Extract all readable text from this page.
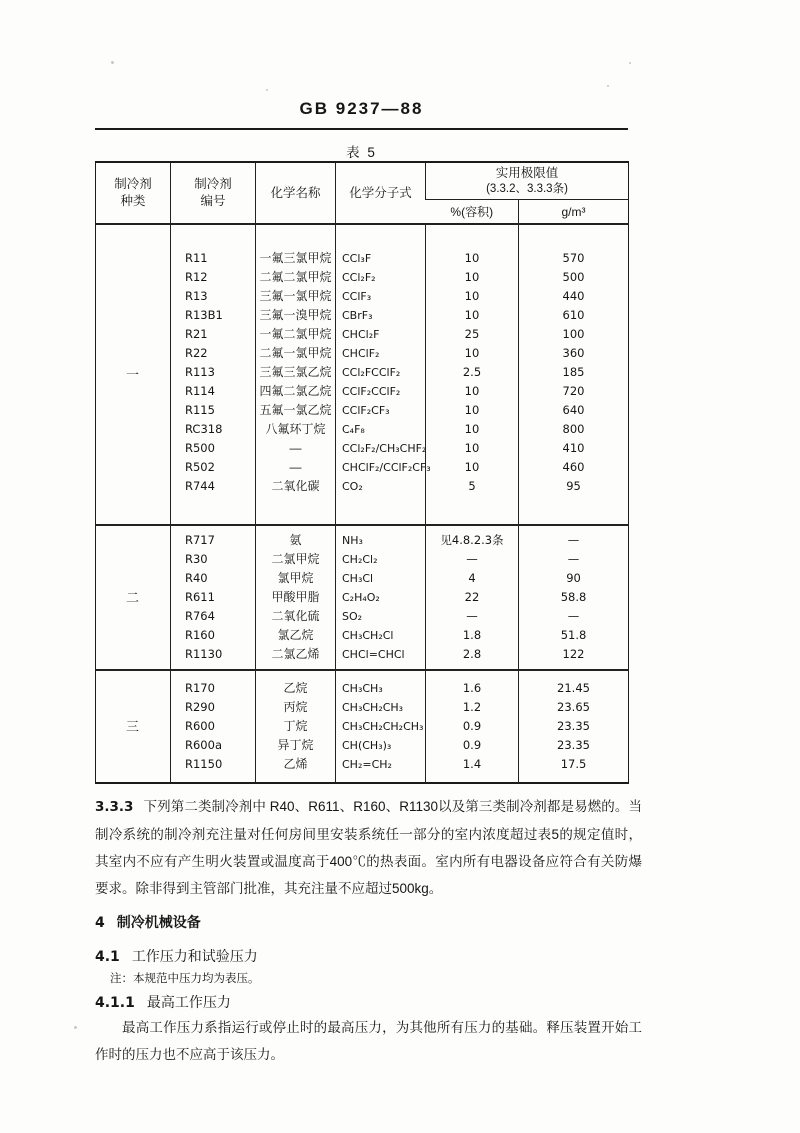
GB 9237—88
表 5
制冷剂
种类	制冷剂
编号	化学名称	化学分子式	实用极限值
(3.3.2、3.3.3条)	

				%(容积)	g/m³
一					
	R11	一氟三氯甲烷	CCl₃F	10	570
	R12	二氟二氯甲烷	CCl₂F₂	10	500
	R13	三氟一氯甲烷	CClF₃	10	440
	R13B1	三氟一溴甲烷	CBrF₃	10	610
	R21	一氟二氯甲烷	CHCl₂F	25	100
	R22	二氟一氯甲烷	CHClF₂	10	360
	R113	三氟三氯乙烷	CCl₂FCClF₂	2.5	185
	R114	四氟二氯乙烷	CClF₂CClF₂	10	720
	R115	五氟一氯乙烷	CClF₂CF₃	10	640
	RC318	八氟环丁烷	C₄F₈	10	800
	R500	—	CCl₂F₂/CH₃CHF₂	10	410
	R502	—	CHClF₂/CClF₂CF₃	10	460
	R744	二氧化碳	CO₂	5	95

二					
	R717	氨	NH₃	见4.8.2.3条	—
	R30	二氯甲烷	CH₂Cl₂	—	—
	R40	氯甲烷	CH₃Cl	4	90
	R611	甲酸甲脂	C₂H₄O₂	22	58.8
	R764	二氧化硫	SO₂	—	—
	R160	氯乙烷	CH₃CH₂Cl	1.8	51.8
	R1130	二氯乙烯	CHCl=CHCl	2.8	122

三					
	R170	乙烷	CH₃CH₃	1.6	21.45
	R290	丙烷	CH₃CH₂CH₃	1.2	23.65
	R600	丁烷	CH₃CH₂CH₂CH₃	0.9	23.35
	R600a	异丁烷	CH(CH₃)₃	0.9	23.35
	R1150	乙烯	CH₂=CH₂	1.4	17.5

3.3.3 下列第二类制冷剂中 R40、R611、R160、R1130以及第三类制冷剂都是易燃的。当制冷系统的制冷剂充注量对任何房间里安装系统任一部分的室内浓度超过表5的规定值时，其室内不应有产生明火装置或温度高于400℃的热表面。室内所有电器设备应符合有关防爆要求。除非得到主管部门批准，其充注量不应超过500kg。
4 制冷机械设备
4.1 工作压力和试验压力
注：本规范中压力均为表压。
4.1.1 最高工作压力
最高工作压力系指运行或停止时的最高压力，为其他所有压力的基础。释压装置开始工作时的压力也不应高于该压力。
